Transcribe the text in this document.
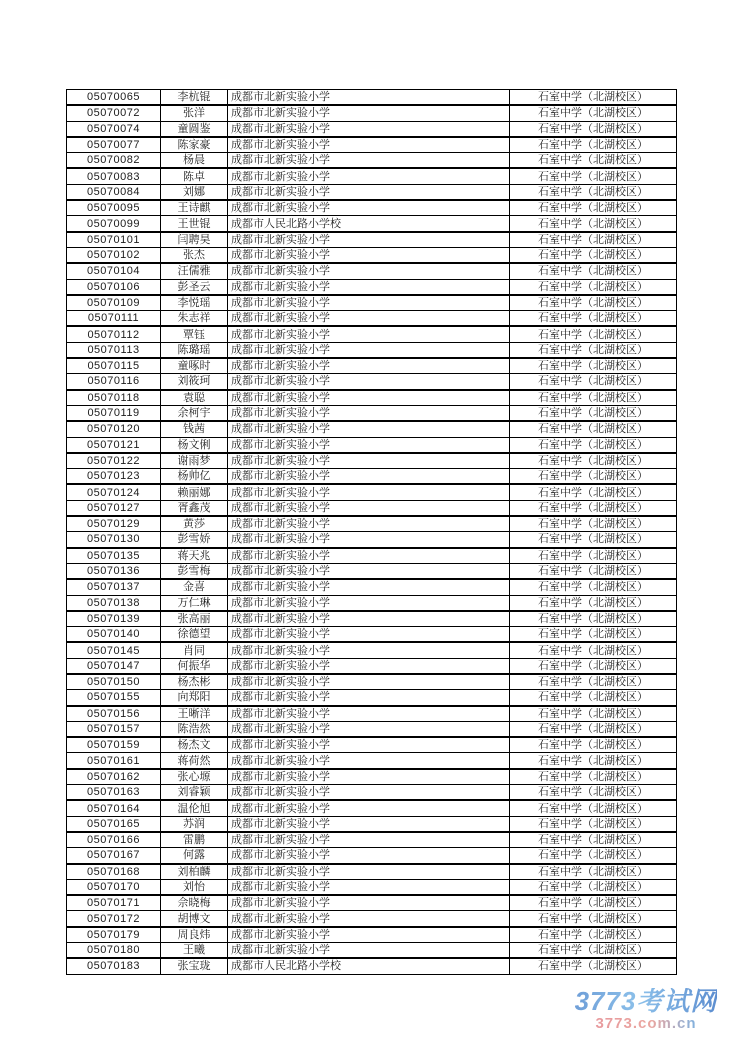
05070065	李杭锟	成都市北新实验小学	石室中学（北湖校区）
05070072	张洋	成都市北新实验小学	石室中学（北湖校区）
05070074	童圆鉴	成都市北新实验小学	石室中学（北湖校区）
05070077	陈家豪	成都市北新实验小学	石室中学（北湖校区）
05070082	杨晨	成都市北新实验小学	石室中学（北湖校区）
05070083	陈卓	成都市北新实验小学	石室中学（北湖校区）
05070084	刘娜	成都市北新实验小学	石室中学（北湖校区）
05070095	王诗麒	成都市北新实验小学	石室中学（北湖校区）
05070099	王世锟	成都市人民北路小学校	石室中学（北湖校区）
05070101	闫聘昊	成都市北新实验小学	石室中学（北湖校区）
05070102	张杰	成都市北新实验小学	石室中学（北湖校区）
05070104	汪儒雅	成都市北新实验小学	石室中学（北湖校区）
05070106	彭圣云	成都市北新实验小学	石室中学（北湖校区）
05070109	李悦瑶	成都市北新实验小学	石室中学（北湖校区）
05070111	朱志祥	成都市北新实验小学	石室中学（北湖校区）
05070112	覃钰	成都市北新实验小学	石室中学（北湖校区）
05070113	陈璐瑶	成都市北新实验小学	石室中学（北湖校区）
05070115	童啄时	成都市北新实验小学	石室中学（北湖校区）
05070116	刘筱珂	成都市北新实验小学	石室中学（北湖校区）
05070118	袁聪	成都市北新实验小学	石室中学（北湖校区）
05070119	余柯宇	成都市北新实验小学	石室中学（北湖校区）
05070120	钱茜	成都市北新实验小学	石室中学（北湖校区）
05070121	杨文俐	成都市北新实验小学	石室中学（北湖校区）
05070122	谢雨梦	成都市北新实验小学	石室中学（北湖校区）
05070123	杨帅亿	成都市北新实验小学	石室中学（北湖校区）
05070124	赖丽娜	成都市北新实验小学	石室中学（北湖校区）
05070127	胥鑫茂	成都市北新实验小学	石室中学（北湖校区）
05070129	黄莎	成都市北新实验小学	石室中学（北湖校区）
05070130	彭雪娇	成都市北新实验小学	石室中学（北湖校区）
05070135	蒋天兆	成都市北新实验小学	石室中学（北湖校区）
05070136	彭雪梅	成都市北新实验小学	石室中学（北湖校区）
05070137	金喜	成都市北新实验小学	石室中学（北湖校区）
05070138	万仁琳	成都市北新实验小学	石室中学（北湖校区）
05070139	张高丽	成都市北新实验小学	石室中学（北湖校区）
05070140	徐德望	成都市北新实验小学	石室中学（北湖校区）
05070145	肖同	成都市北新实验小学	石室中学（北湖校区）
05070147	何振华	成都市北新实验小学	石室中学（北湖校区）
05070150	杨杰彬	成都市北新实验小学	石室中学（北湖校区）
05070155	向郑阳	成都市北新实验小学	石室中学（北湖校区）
05070156	王晰洋	成都市北新实验小学	石室中学（北湖校区）
05070157	陈浩然	成都市北新实验小学	石室中学（北湖校区）
05070159	杨杰文	成都市北新实验小学	石室中学（北湖校区）
05070161	蒋荷然	成都市北新实验小学	石室中学（北湖校区）
05070162	张心塬	成都市北新实验小学	石室中学（北湖校区）
05070163	刘睿颖	成都市北新实验小学	石室中学（北湖校区）
05070164	温伦旭	成都市北新实验小学	石室中学（北湖校区）
05070165	苏润	成都市北新实验小学	石室中学（北湖校区）
05070166	雷鹏	成都市北新实验小学	石室中学（北湖校区）
05070167	何露	成都市北新实验小学	石室中学（北湖校区）
05070168	刘柏麟	成都市北新实验小学	石室中学（北湖校区）
05070170	刘怡	成都市北新实验小学	石室中学（北湖校区）
05070171	佘晓梅	成都市北新实验小学	石室中学（北湖校区）
05070172	胡博文	成都市北新实验小学	石室中学（北湖校区）
05070179	周良炜	成都市北新实验小学	石室中学（北湖校区）
05070180	王曦	成都市北新实验小学	石室中学（北湖校区）
05070183	张宝珑	成都市人民北路小学校	石室中学（北湖校区）
3773考试网
3773.com.cn
